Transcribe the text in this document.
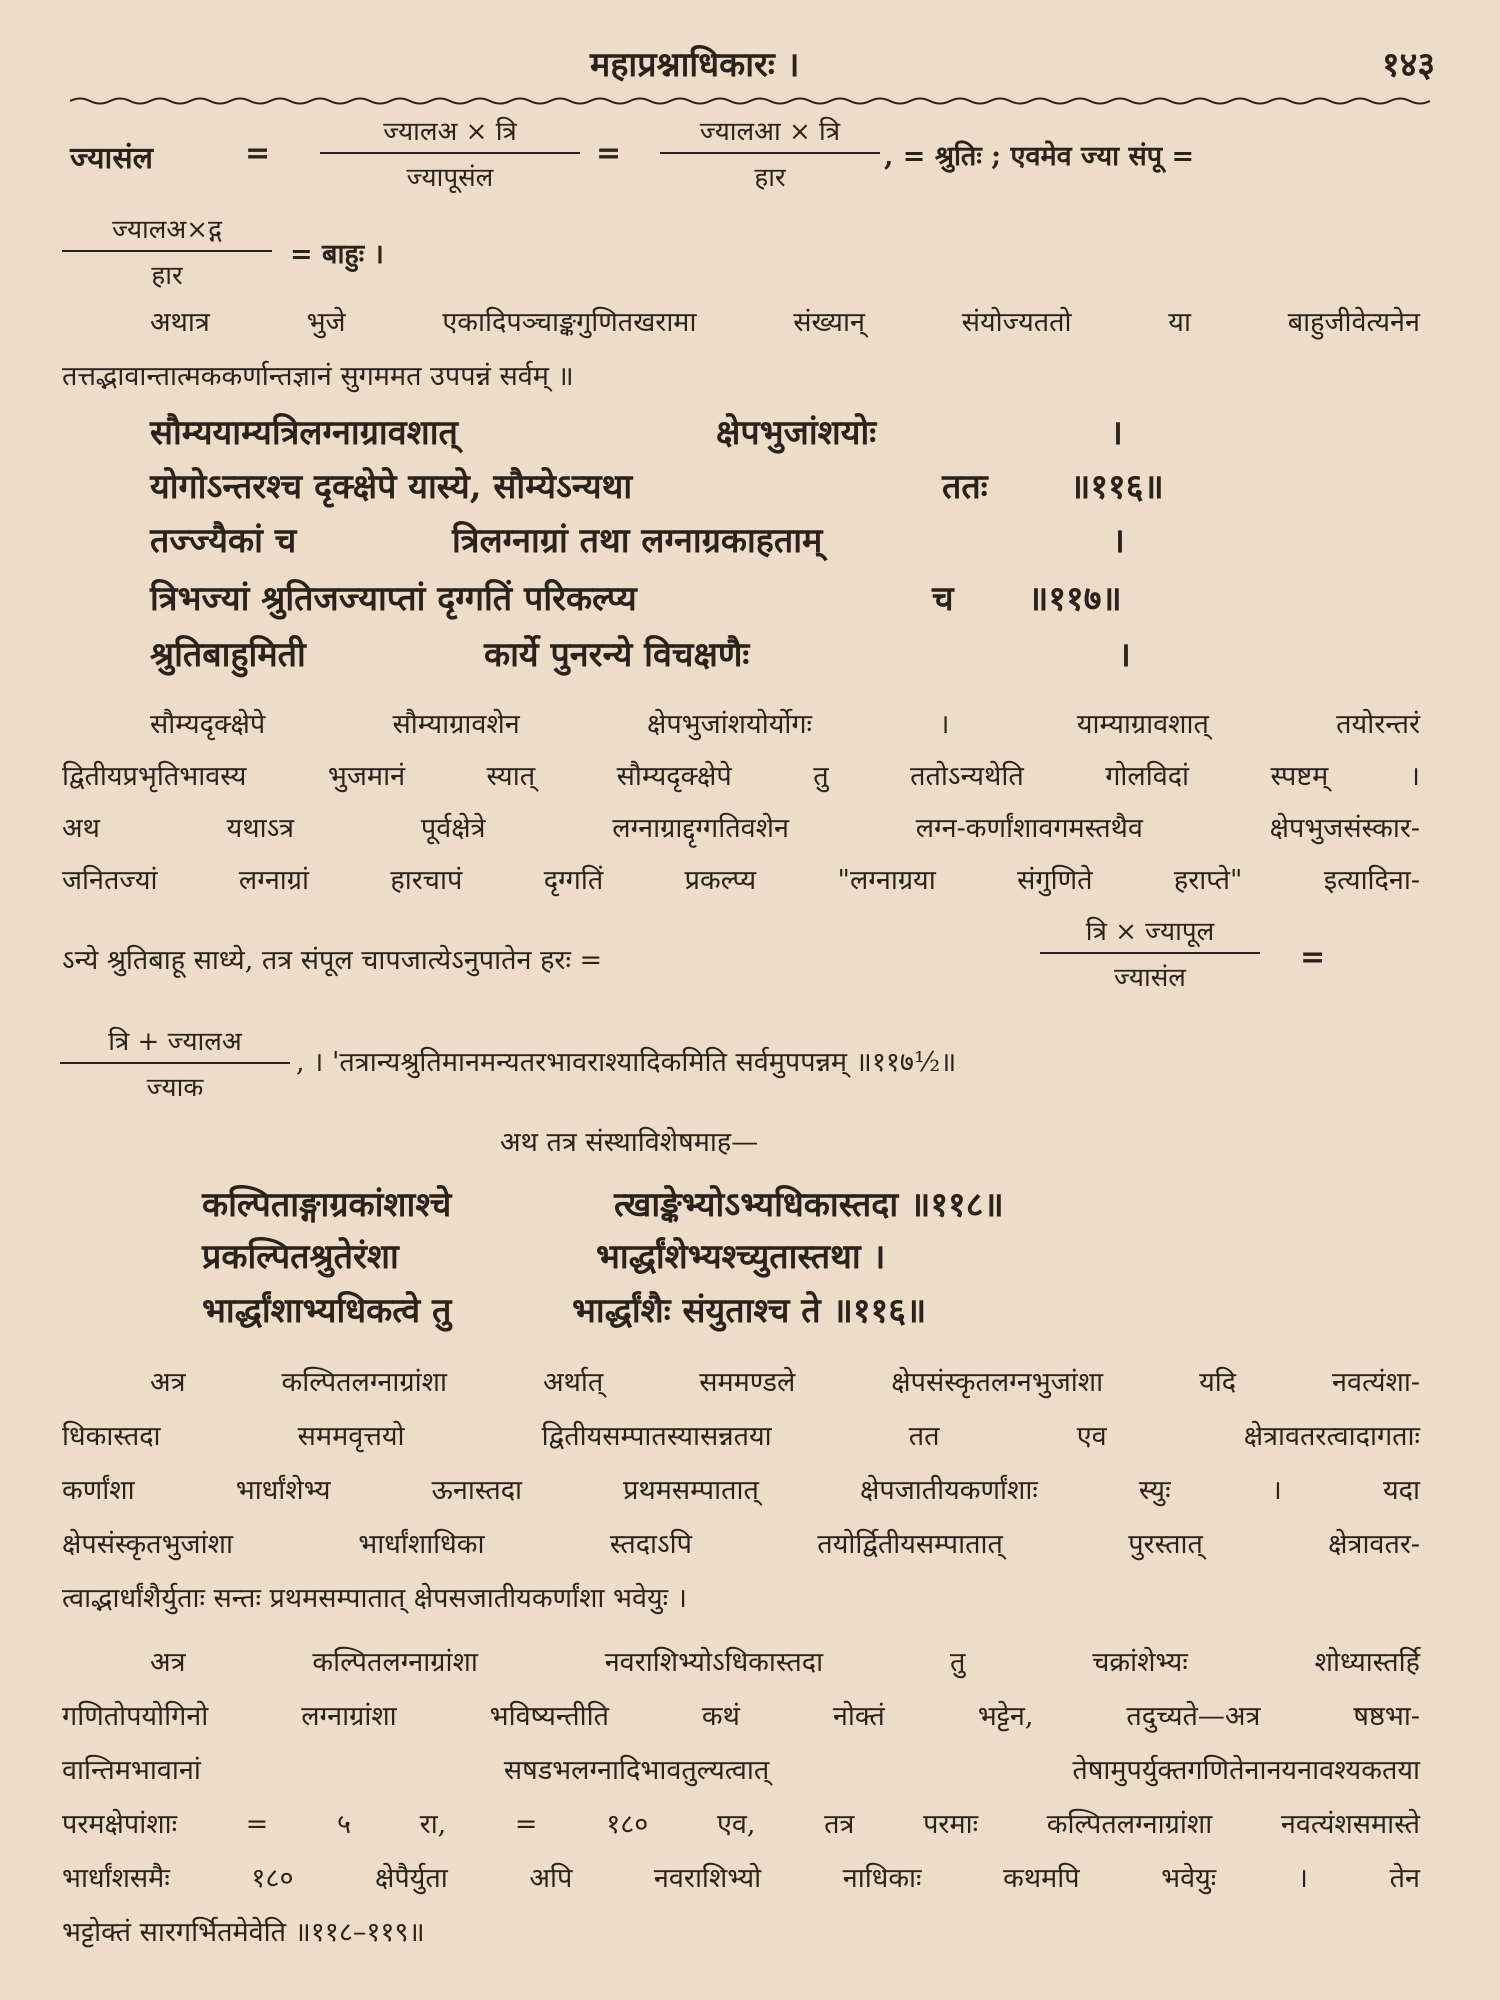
महाप्रश्नाधिकारः ।	१४३
ज्यासंल	=
ज्यालअ × त्रि
ज्यापूसंल
=
ज्यालआ × त्रि
हार
, = श्रुतिः ; एवमेव ज्या संपू =
ज्यालअ×द्ग
हार
= बाहुः ।
अथात्र भुजे एकादिपञ्चाङ्कगुणितखरामा संख्यान् संयोज्यततो या बाहुजीवेत्यनेन
तत्तद्भावान्तात्मककर्णान्तज्ञानं सुगममत उपपन्नं सर्वम् ॥
सौम्ययाम्यत्रिलग्नाग्रावशात्	क्षेपभुजांशयोः	।
योगोऽन्तरश्च दृक्क्षेपे यास्ये, सौम्येऽन्यथा	ततः ॥११६॥
तज्ज्यैकां च	त्रिलग्नाग्रां तथा लग्नाग्रकाहताम्	।
त्रिभज्यां श्रुतिजज्याप्तां दृग्गतिं परिकल्प्य	च ॥११७॥
श्रुतिबाहुमिती	कार्ये पुनरन्ये विचक्षणैः	।
सौम्यदृक्क्षेपे सौम्याग्रावशेन क्षेपभुजांशयोर्योगः । याम्याग्रावशात् तयोरन्तरं
द्वितीयप्रभृतिभावस्य भुजमानं स्यात् सौम्यदृक्क्षेपे तु ततोऽन्यथेति गोलविदां स्पष्टम् ।
अथ यथाऽत्र पूर्वक्षेत्रे लग्नाग्राद्दृग्गतिवशेन लग्न-कर्णांशावगमस्तथैव क्षेपभुजसंस्कार-
जनितज्यां लग्नाग्रां हारचापं दृग्गतिं प्रकल्प्य "लग्नाग्रया संगुणिते हराप्ते" इत्यादिना-
ऽन्ये श्रुतिबाहू साध्ये, तत्र संपूल चापजात्येऽनुपातेन हरः =
त्रि × ज्यापूल
ज्यासंल
=
त्रि + ज्यालअ
ज्याक
, । 'तत्रान्यश्रुतिमानमन्यतरभावराश्यादिकमिति सर्वमुपपन्नम् ॥११७½॥
अथ तत्र संस्थाविशेषमाह—
कल्पिताङ्गाग्रकांशाश्चे	त्खाङ्केभ्योऽभ्यधिकास्तदा ॥११८॥
प्रकल्पितश्रुतेरंशा	भार्द्धांशेभ्यश्च्युतास्तथा ।
भार्द्धांशाभ्यधिकत्वे तु	भार्द्धांशैः संयुताश्च ते ॥११६॥
अत्र कल्पितलग्नाग्रांशा अर्थात् सममण्डले क्षेपसंस्कृतलग्नभुजांशा यदि नवत्यंशा-
धिकास्तदा सममवृत्तयो द्वितीयसम्पातस्यासन्नतया तत एव क्षेत्रावतरत्वादागताः
कर्णांशा भार्धांशेभ्य ऊनास्तदा प्रथमसम्पातात् क्षेपजातीयकर्णांशाः स्युः । यदा
क्षेपसंस्कृतभुजांशा भार्धांशाधिका स्तदाऽपि तयोर्द्वितीयसम्पातात् पुरस्तात् क्षेत्रावतर-
त्वाद्भार्धांशैर्युताः सन्तः प्रथमसम्पातात् क्षेपसजातीयकर्णांशा भवेयुः ।
अत्र कल्पितलग्नाग्रांशा नवराशिभ्योऽधिकास्तदा तु चक्रांशेभ्यः शोध्यास्तर्हि
गणितोपयोगिनो लग्नाग्रांशा भविष्यन्तीति कथं नोक्तं भट्टेन, तदुच्यते—अत्र षष्ठभा-
वान्तिमभावानां सषडभलग्नादिभावतुल्यत्वात् तेषामुपर्युक्तगणितेनानयनावश्यकतया
परमक्षेपांशाः = ५ रा, = १८० एव, तत्र परमाः कल्पितलग्नाग्रांशा नवत्यंशसमास्ते
भार्धांशसमैः १८० क्षेपैर्युता अपि नवराशिभ्यो नाधिकाः कथमपि भवेयुः । तेन
भट्टोक्तं सारगर्भितमेवेति ॥११८–११९॥
